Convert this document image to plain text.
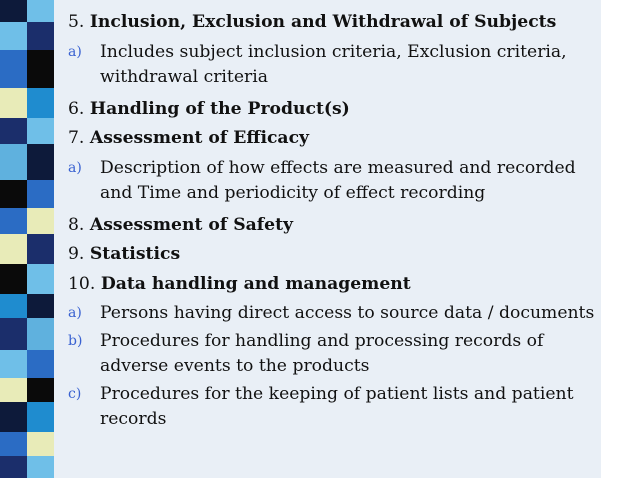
5. Inclusion, Exclusion and Withdrawal of Subjects
a)	Includes subject inclusion criteria, Exclusion criteria, withdrawal criteria
6. Handling of the Product(s)
7. Assessment of Efficacy
a)	Description of how effects are measured and recorded and Time and periodicity of effect recording
8. Assessment of Safety
9. Statistics
10. Data handling and management
a)	Persons having direct access to source data / documents
b)	Procedures for handling and processing records of adverse events to the products
c)	Procedures for the keeping of patient lists and patient records
